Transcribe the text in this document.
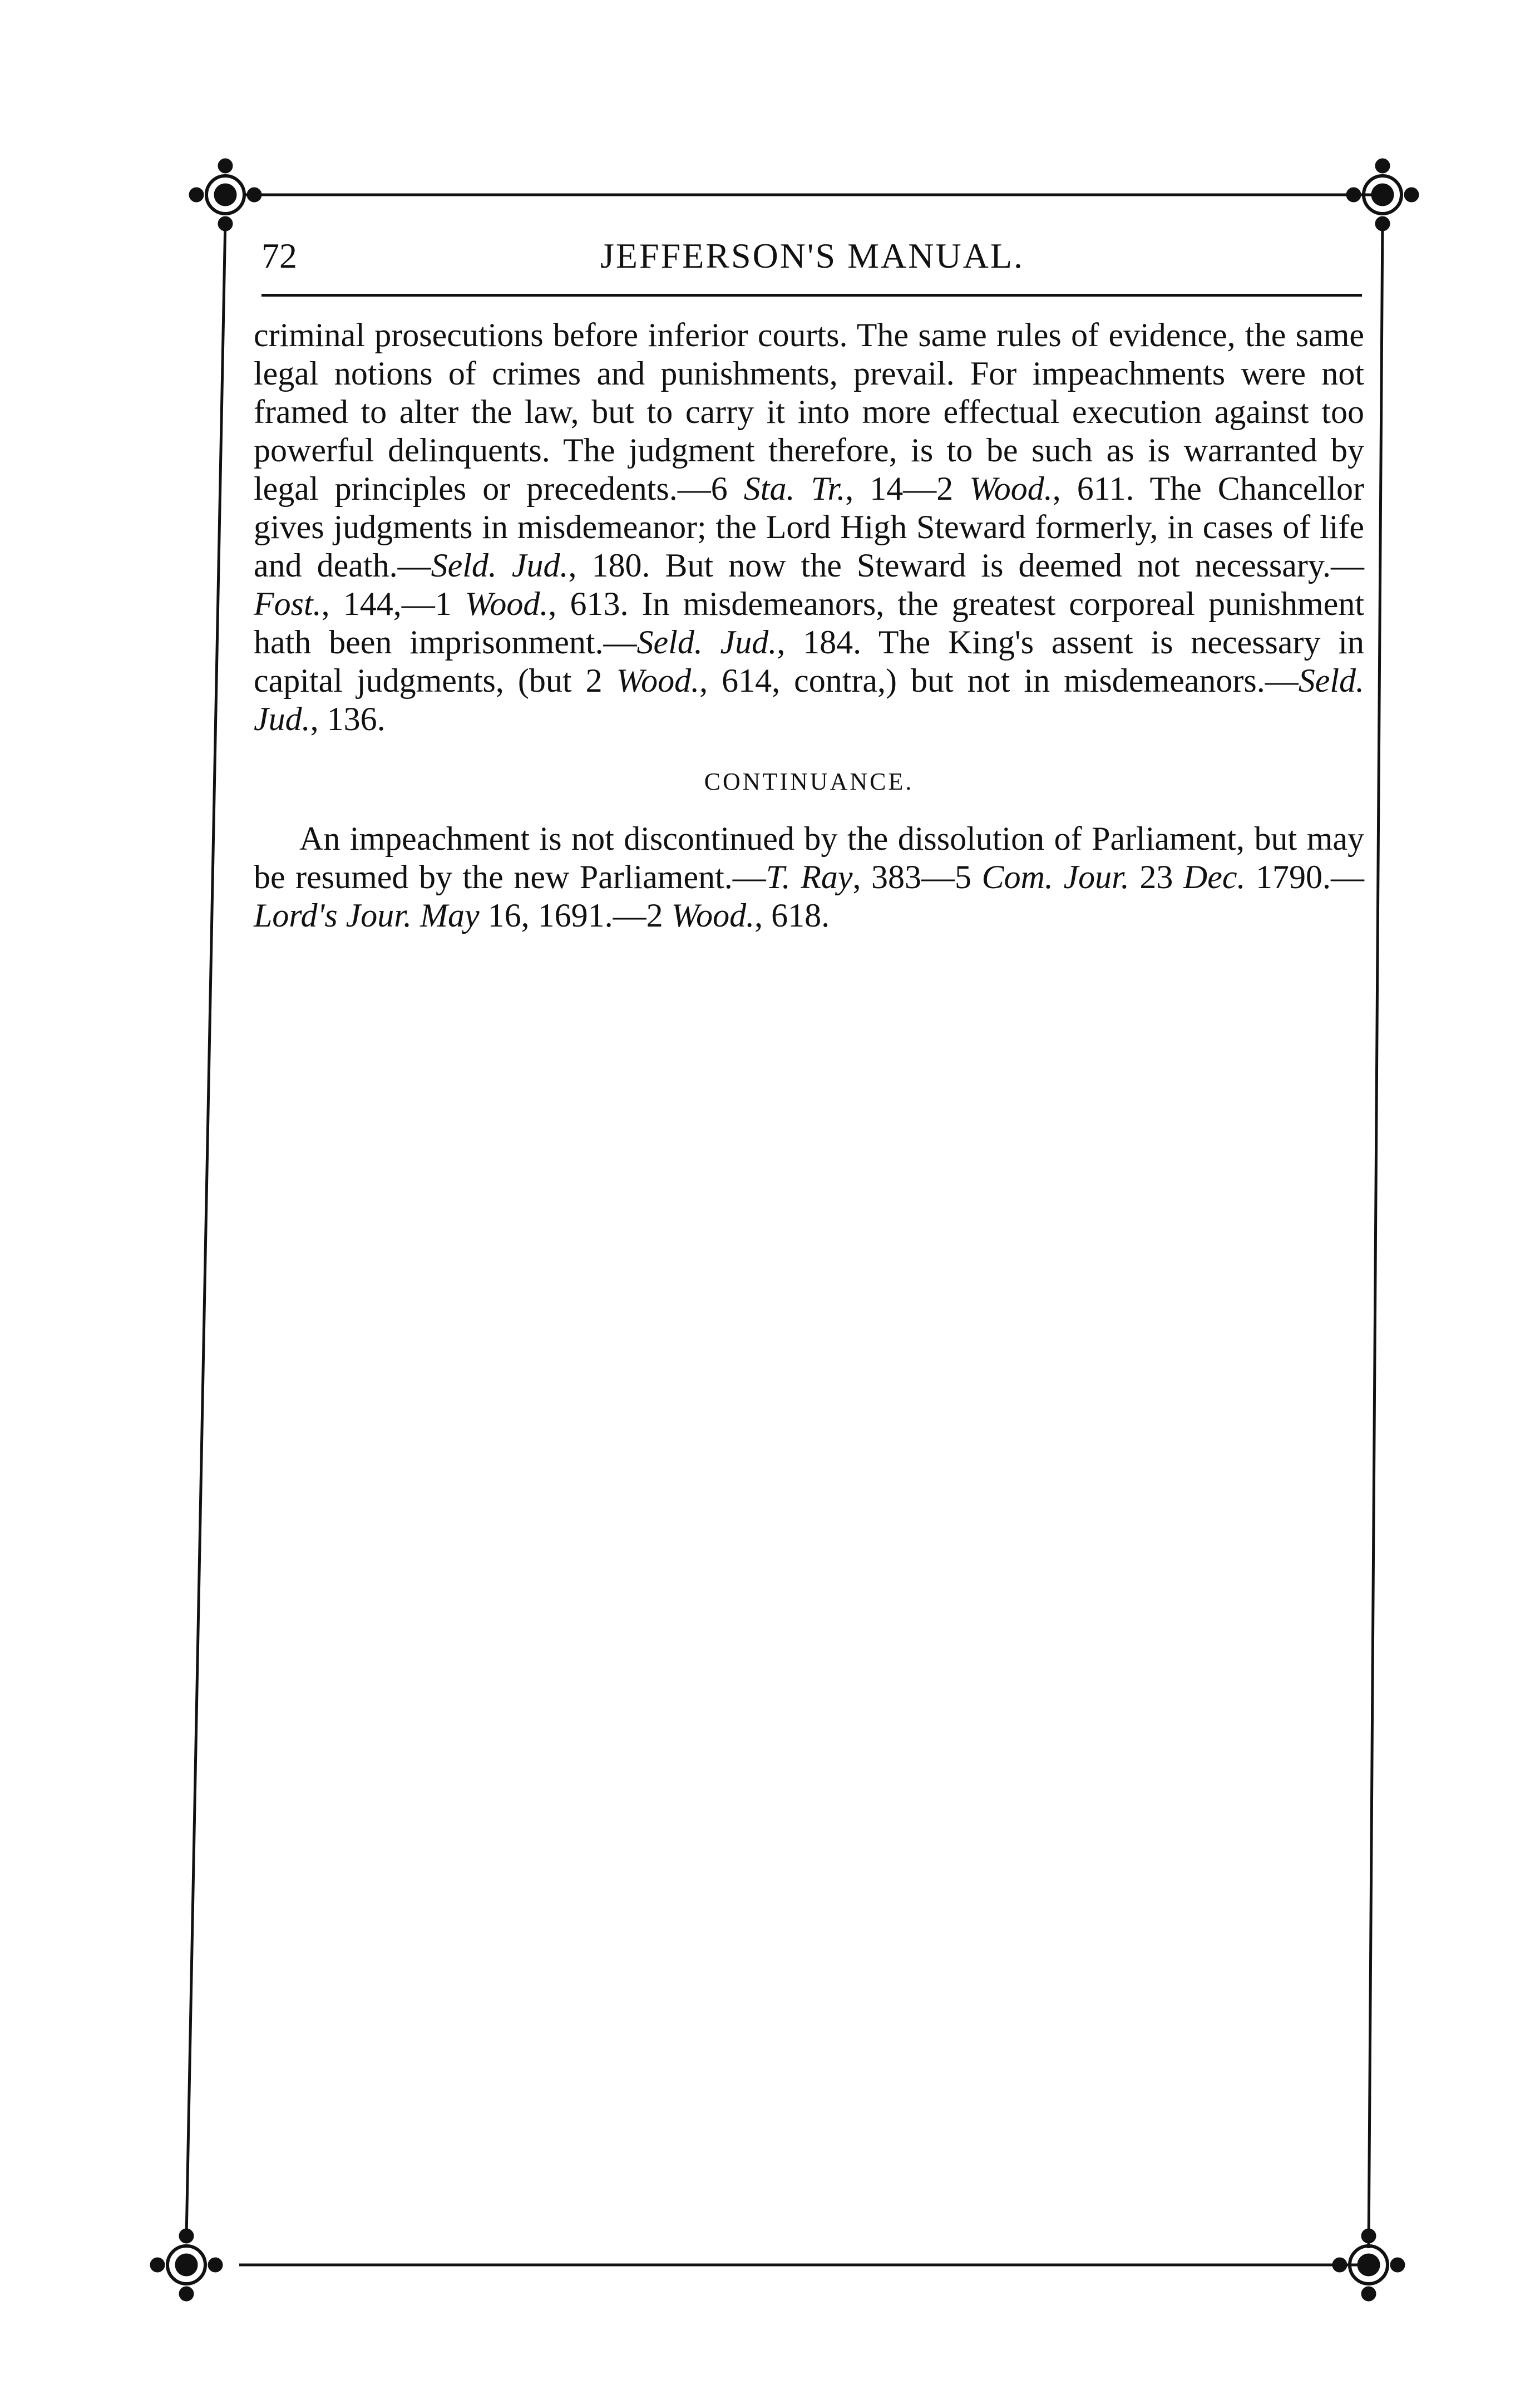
72	JEFFERSON'S MANUAL.

criminal prosecutions before inferior courts. The same rules of evidence, the same legal notions of crimes and punishments, prevail. For impeachments were not framed to alter the law, but to carry it into more effectual execution against too powerful delinquents. The judgment therefore, is to be such as is warranted by legal principles or precedents.—6 Sta. Tr., 14—2 Wood., 611. The Chancellor gives judgments in misdemeanor; the Lord High Steward formerly, in cases of life and death.—Seld. Jud., 180. But now the Steward is deemed not necessary.—Fost., 144,—1 Wood., 613. In misdemeanors, the greatest corporeal punishment hath been imprisonment.—Seld. Jud., 184. The King's assent is necessary in capital judgments, (but 2 Wood., 614, contra,) but not in misdemeanors.—Seld. Jud., 136.

CONTINUANCE.

An impeachment is not discontinued by the dissolution of Parliament, but may be resumed by the new Parliament.—T. Ray, 383—5 Com. Jour. 23 Dec. 1790.—Lord's Jour. May 16, 1691.—2 Wood., 618.
